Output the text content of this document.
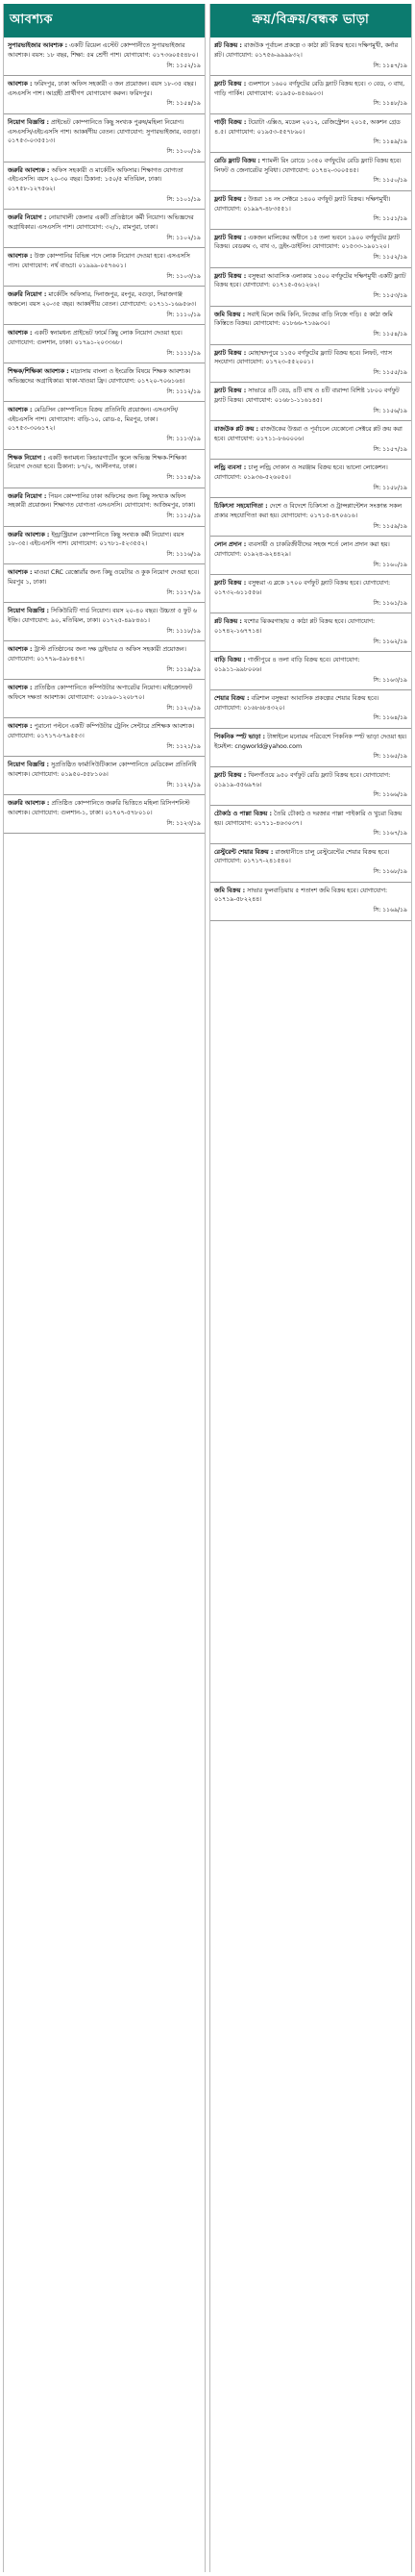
আবশ্যক
সুপারভাইজার আবশ্যক : একটি রিয়েল এস্টেট কোম্পানীতে সুপারভাইজার আবশ্যক। বয়স: ১৮ বছর, শিক্ষা: ৫ম শ্রেণী পাশ। যোগাযোগ: ০১৭৩৬০৫৫৪৮০।
সি: ১১৫২/১৯
আবশ্যক : ফরিদপুর, ঢাকা অফিস সহকারী ৩ জন প্রয়োজন। বয়স ১৮-৩৫ বছর। এসএসসি পাশ। আগ্রহী প্রার্থীগণ যোগাযোগ করুন। ফরিদপুর।
সি: ১১৫৪/১৯
নিয়োগ বিজ্ঞপ্তি : প্রাইভেট কোম্পানিতে কিছু সংখ্যক পুরুষ/মহিলা নিয়োগ। এসএসসি/এইচএসসি পাশ। আকর্ষণীয় বেতন। যোগাযোগ: সুপারভাইজার, বগুড়া। ০১৭৫৩-০৩৫৫১৩।
সি: ১১০০/১৯
জরুরি আবশ্যক : অফিস সহকারী ও মার্কেটিং অফিসার। শিক্ষাগত যোগ্যতা এইচএসসি। বয়স ২০-৩০ বছর। ঠিকানা: ১৫০/৫ মতিঝিল, ঢাকা। ০১৭৫৮-১২৭৫৬২।
সি: ১১০১/১৯
জরুরি নিয়োগ : নোয়াখালী জেলার একটি প্রতিষ্ঠানে কর্মী নিয়োগ। অভিজ্ঞদের অগ্রাধিকার। এসএসসি পাশ। যোগাযোগ: ৩২/১, রামপুরা, ঢাকা।
সি: ১১০২/১৯
আবশ্যক : উক্ত কোম্পানির বিভিন্ন পদে লোক নিয়োগ দেওয়া হবে। এসএসসি পাস। যোগাযোগ: নর্থ বাড্ডা। ০১৯৯৯-০৫৭৬০১।
সি: ১১০৩/১৯
জরুরি নিয়োগ : মার্কেটিং অফিসার, দিনাজপুর, রংপুর, বগুড়া, সিরাজগঞ্জ অঞ্চলে। বয়স ২০-৩৫ বছর। আকর্ষণীয় বেতন। যোগাযোগ: ০১৭১১-১৬৯৫৬৩।
সি: ১১১০/১৯
আবশ্যক : একটি স্বনামধন্য প্রাইভেট ফার্মে কিছু লোক নিয়োগ দেওয়া হবে। যোগাযোগ: গুলশান, ঢাকা। ০১৭৯১-২০৩৩৬৮।
সি: ১১১১/১৯
শিক্ষক/শিক্ষিকা আবশ্যক : মাদ্রাসায় বাংলা ও ইংরেজি বিষয়ে শিক্ষক আবশ্যক। অভিজ্ঞদের অগ্রাধিকার। থাকা-খাওয়া ফ্রি। যোগাযোগ: ০১৭২০-৭০৬১৬৪।
সি: ১১১২/১৯
আবশ্যক : মেডিসিন কোম্পানিতে বিক্রয় প্রতিনিধি প্রয়োজন। এসএসসি/এইচএসসি পাশ। যোগাযোগ: বাড়ি-১০, রোড-৫, মিরপুর, ঢাকা। ০১৭৫৩-৩০৬১৭২।
সি: ১১১৩/১৯
শিক্ষক নিয়োগ : একটি স্বনামধন্য কিন্ডারগার্টেন স্কুলে অভিজ্ঞ শিক্ষক-শিক্ষিকা নিয়োগ দেওয়া হবে। ঠিকানা: ৮৭/২, আলীনগর, ঢাকা।
সি: ১১১৪/১৯
জরুরি নিয়োগ : পিয়ন কোম্পানির ঢাকা অফিসের জন্য কিছু সংখ্যক অফিস সহকারী প্রয়োজন। শিক্ষাগত যোগ্যতা এসএসসি। যোগাযোগ: আজিমপুর, ঢাকা।
সি: ১১১৫/১৯
জরুরি আবশ্যক : ইন্ড্রাস্ট্রিয়াল কোম্পানিতে কিছু সংখ্যক কর্মী নিয়োগ। বয়স ১৮-৩৫। এইচএসসি পাশ। যোগাযোগ: ০১৭৮১-৫২৩৫৫২।
সি: ১১১৬/১৯
আবশ্যক : মাওয়া CRC রেস্তোরাঁর জন্য কিছু ওয়েটার ও কুক নিয়োগ দেওয়া হবে। মিরপুর ১, ঢাকা।
সি: ১১১৭/১৯
নিয়োগ বিজ্ঞপ্তি : সিকিউরিটি গার্ড নিয়োগ। বয়স ২০-৪০ বছর। উচ্চতা ৫ ফুট ৬ ইঞ্চি। যোগাযোগ: ৯০, মতিঝিল, ঢাকা। ০১৭২৫-৪৯৮৪৬১।
সি: ১১১৮/১৯
আবশ্যক : ট্রাস্ট প্রতিষ্ঠানের জন্য দক্ষ ড্রাইভার ও অফিস সহকারী প্রয়োজন। যোগাযোগ: ০১৭৭৯-৫৯৮৪৫৭।
সি: ১১১৯/১৯
আবশ্যক : প্রতিষ্ঠিত কোম্পানিতে কম্পিউটার অপারেটর নিয়োগ। মাইক্রোসফট অফিসে দক্ষতা আবশ্যক। যোগাযোগ: ০১৮৯০-১২০৮৭০।
সি: ১১২০/১৯
আবশ্যক : পুরানো পল্টনে একটি কম্পিউটার ট্রেনিং সেন্টারে প্রশিক্ষক আবশ্যক। যোগাযোগ: ০১৭১৭-৮৭৯৫৫৩।
সি: ১১২১/১৯
নিয়োগ বিজ্ঞপ্তি : সুপ্রতিষ্ঠিত ফার্মাসিউটিক্যাল কোম্পানিতে মেডিকেল প্রতিনিধি আবশ্যক। যোগাযোগ: ০১৯৫০-৫৫৮১০৬।
সি: ১১২২/১৯
জরুরি আবশ্যক : প্রতিষ্ঠিত কোম্পানিতে জরুরি ভিত্তিতে মহিলা রিসিপশনিস্ট আবশ্যক। যোগাযোগ: গুলশান-১, ঢাকা। ০১৭০৭-৫৭৮০১০।
সি: ১১২৩/১৯
ক্রয়/বিক্রয়/বন্ধক ভাড়া
প্লট বিক্রয় : রাজউক পূর্বাচল প্রকল্পে ৩ কাঠা প্লট বিক্রয় হবে। দক্ষিণমুখী, কর্নার প্লট। যোগাযোগ: ০১৭৫৬-৯৯৯৯৩২।
সি: ১১৪৭/১৯
ফ্ল্যাট বিক্রয় : গুলশানে ১৬০০ বর্গফুটের রেডি ফ্ল্যাট বিক্রয় হবে। ৩ বেড, ৩ বাথ, গাড়ি পার্কিং। যোগাযোগ: ০১৯৫০-৪৫৬৯০৩।
সি: ১১৪৮/১৯
গাড়ী বিক্রয় : টয়োটা এক্সিও, মডেল ২০১২, রেজিস্ট্রেশন ২০১৫, অকশন গ্রেড ৪.৫। যোগাযোগ: ০১৯৫৩-৫৫৭৮৯০।
সি: ১১৪৯/১৯
রেডি ফ্ল্যাট বিক্রয় : শ্যামলী রিং রোডে ১৩৫০ বর্গফুটের রেডি ফ্ল্যাট বিক্রয় হবে। লিফট ও জেনারেটর সুবিধা। যোগাযোগ: ০১৭৪২-৩০০৫৪৫।
সি: ১১৫০/১৯
ফ্ল্যাট বিক্রয় : উত্তরা ১৪ নং সেক্টরে ১৪০০ বর্গফুট ফ্ল্যাট বিক্রয়। দক্ষিণমুখী। যোগাযোগ: ০১৯৯৭-৪৮৩৫৫১।
সি: ১১৫১/১৯
ফ্ল্যাট বিক্রয় : একজন মালিকের অধীনে ১৫ তলা ভবনে ১৯০০ বর্গফুটের ফ্ল্যাট বিক্রয়। বেডরুম ৩, বাথ ৩, ড্রইং-ডাইনিং। যোগাযোগ: ০১৫৩৩-১৯০১২০।
সি: ১১৫২/১৯
ফ্ল্যাট বিক্রয় : বসুন্ধরা আবাসিক এলাকায় ১৫০০ বর্গফুটের দক্ষিণমুখী একটি ফ্ল্যাট বিক্রয় হবে। যোগাযোগ: ০১৭১৫-৫৬১২৬২।
সি: ১১৫৩/১৯
জমি বিক্রয় : সবাই মিলে জমি কিনি, নিজের বাড়ি নিজে গড়ি। ৫ কাঠা জমি কিস্তিতে বিক্রয়। যোগাযোগ: ০১৮৬৬-৭১৬৯৩০।
সি: ১১৫৪/১৯
ফ্ল্যাট বিক্রয় : মোহাম্মদপুরে ১১৫০ বর্গফুটের ফ্ল্যাট বিক্রয় হবে। লিফট, গ্যাস সংযোগ। যোগাযোগ: ০১৭২৩-৫৫২০০১।
সি: ১১৫৫/১৯
ফ্ল্যাট বিক্রয় : সাভারে ৪টি বেড, ৪টি বাথ ও ৪টি বারান্দা বিশিষ্ট ১৮০০ বর্গফুট ফ্ল্যাট বিক্রয়। যোগাযোগ: ০১৬৮১-১১৬১৪৫।
সি: ১১৫৬/১৯
রাজউক প্লট ক্রয় : রাজউকের উত্তরা ও পূর্বাচলে যেকোনো সেক্টরে প্লট ক্রয় করা হবে। যোগাযোগ: ০১৭১১-৮৬০০০৬।
সি: ১১৫৭/১৯
লন্ড্রি ব্যবসা : চালু লন্ড্রি দোকান ও সরঞ্জাম বিক্রয় হবে। ভালো লোকেশন। যোগাযোগ: ০১৯৩৬-৫২৬০৫০।
সি: ১১৫৮/১৯
চিকিৎসা সহযোগিতা : দেশে ও বিদেশে চিকিৎসা ও ট্রান্সপ্লান্টেশন সংক্রান্ত সকল প্রকার সহযোগিতা করা হয়। যোগাযোগ: ০১৭১৫-৪৭০৬১৬।
সি: ১১৫৯/১৯
লোন প্রদান : ব্যবসায়ী ও চাকরিজীবীদের সহজ শর্তে লোন প্রদান করা হয়। যোগাযোগ: ০১৯২৪-৯২৪৪২৯।
সি: ১১৬০/১৯
ফ্ল্যাট বিক্রয় : বসুন্ধরা এ ব্লকে ১৭০০ বর্গফুট ফ্ল্যাট বিক্রয় হবে। যোগাযোগ: ০১৭৩২-৬১১৫৫৬।
সি: ১১৬১/১৯
প্লট বিক্রয় : যশোর ঝিকরগাছায় ৫ কাঠা প্লট বিক্রয় হবে। যোগাযোগ: ০১৭৪২-১৬৭৭১৪।
সি: ১১৬২/১৯
বাড়ি বিক্রয় : গাজীপুরে ৪ তলা বাড়ি বিক্রয় হবে। যোগাযোগ: ০১৯১১-৯৯৮০০৬।
সি: ১১৬৩/১৯
শেয়ার বিক্রয় : বরিশাল বসুন্ধরা আবাসিক প্রকল্পের শেয়ার বিক্রয় হবে। যোগাযোগ: ০১৬৮৬৮৪৩২০।
সি: ১১৬৪/১৯
পিকনিক স্পট ভাড়া : টাঙ্গাইলে মনোরম পরিবেশে পিকনিক স্পট ভাড়া দেওয়া হয়। ইমেইল: cngworld@yahoo.com
সি: ১১৬৫/১৯
ফ্ল্যাট বিক্রয় : খিলগাঁওয়ে ৯৫০ বর্গফুট রেডি ফ্ল্যাট বিক্রয় হবে। যোগাযোগ: ০১৯১৯-৫৫৬৯৭৬।
সি: ১১৬৬/১৯
চৌকাঠ ও পাল্লা বিক্রয় : তৈরি চৌকাঠ ও দরজার পাল্লা পাইকারি ও খুচরা বিক্রয় হয়। যোগাযোগ: ০১৭১১-৪৬৩০৩৭।
সি: ১১৬৭/১৯
রেস্টুরেন্ট শেয়ার বিক্রয় : রাজধানীতে চালু রেস্টুরেন্টের শেয়ার বিক্রয় হবে। যোগাযোগ: ০১৭১৭-২৪১৫৪০।
সি: ১১৬৮/১৯
জমি বিক্রয় : সাভার ফুলবাড়িয়ায় ৫ শতাংশ জমি বিক্রয় হবে। যোগাযোগ: ০১৭১৯-৫৮২২৪৪।
সি: ১১৬৯/১৯
